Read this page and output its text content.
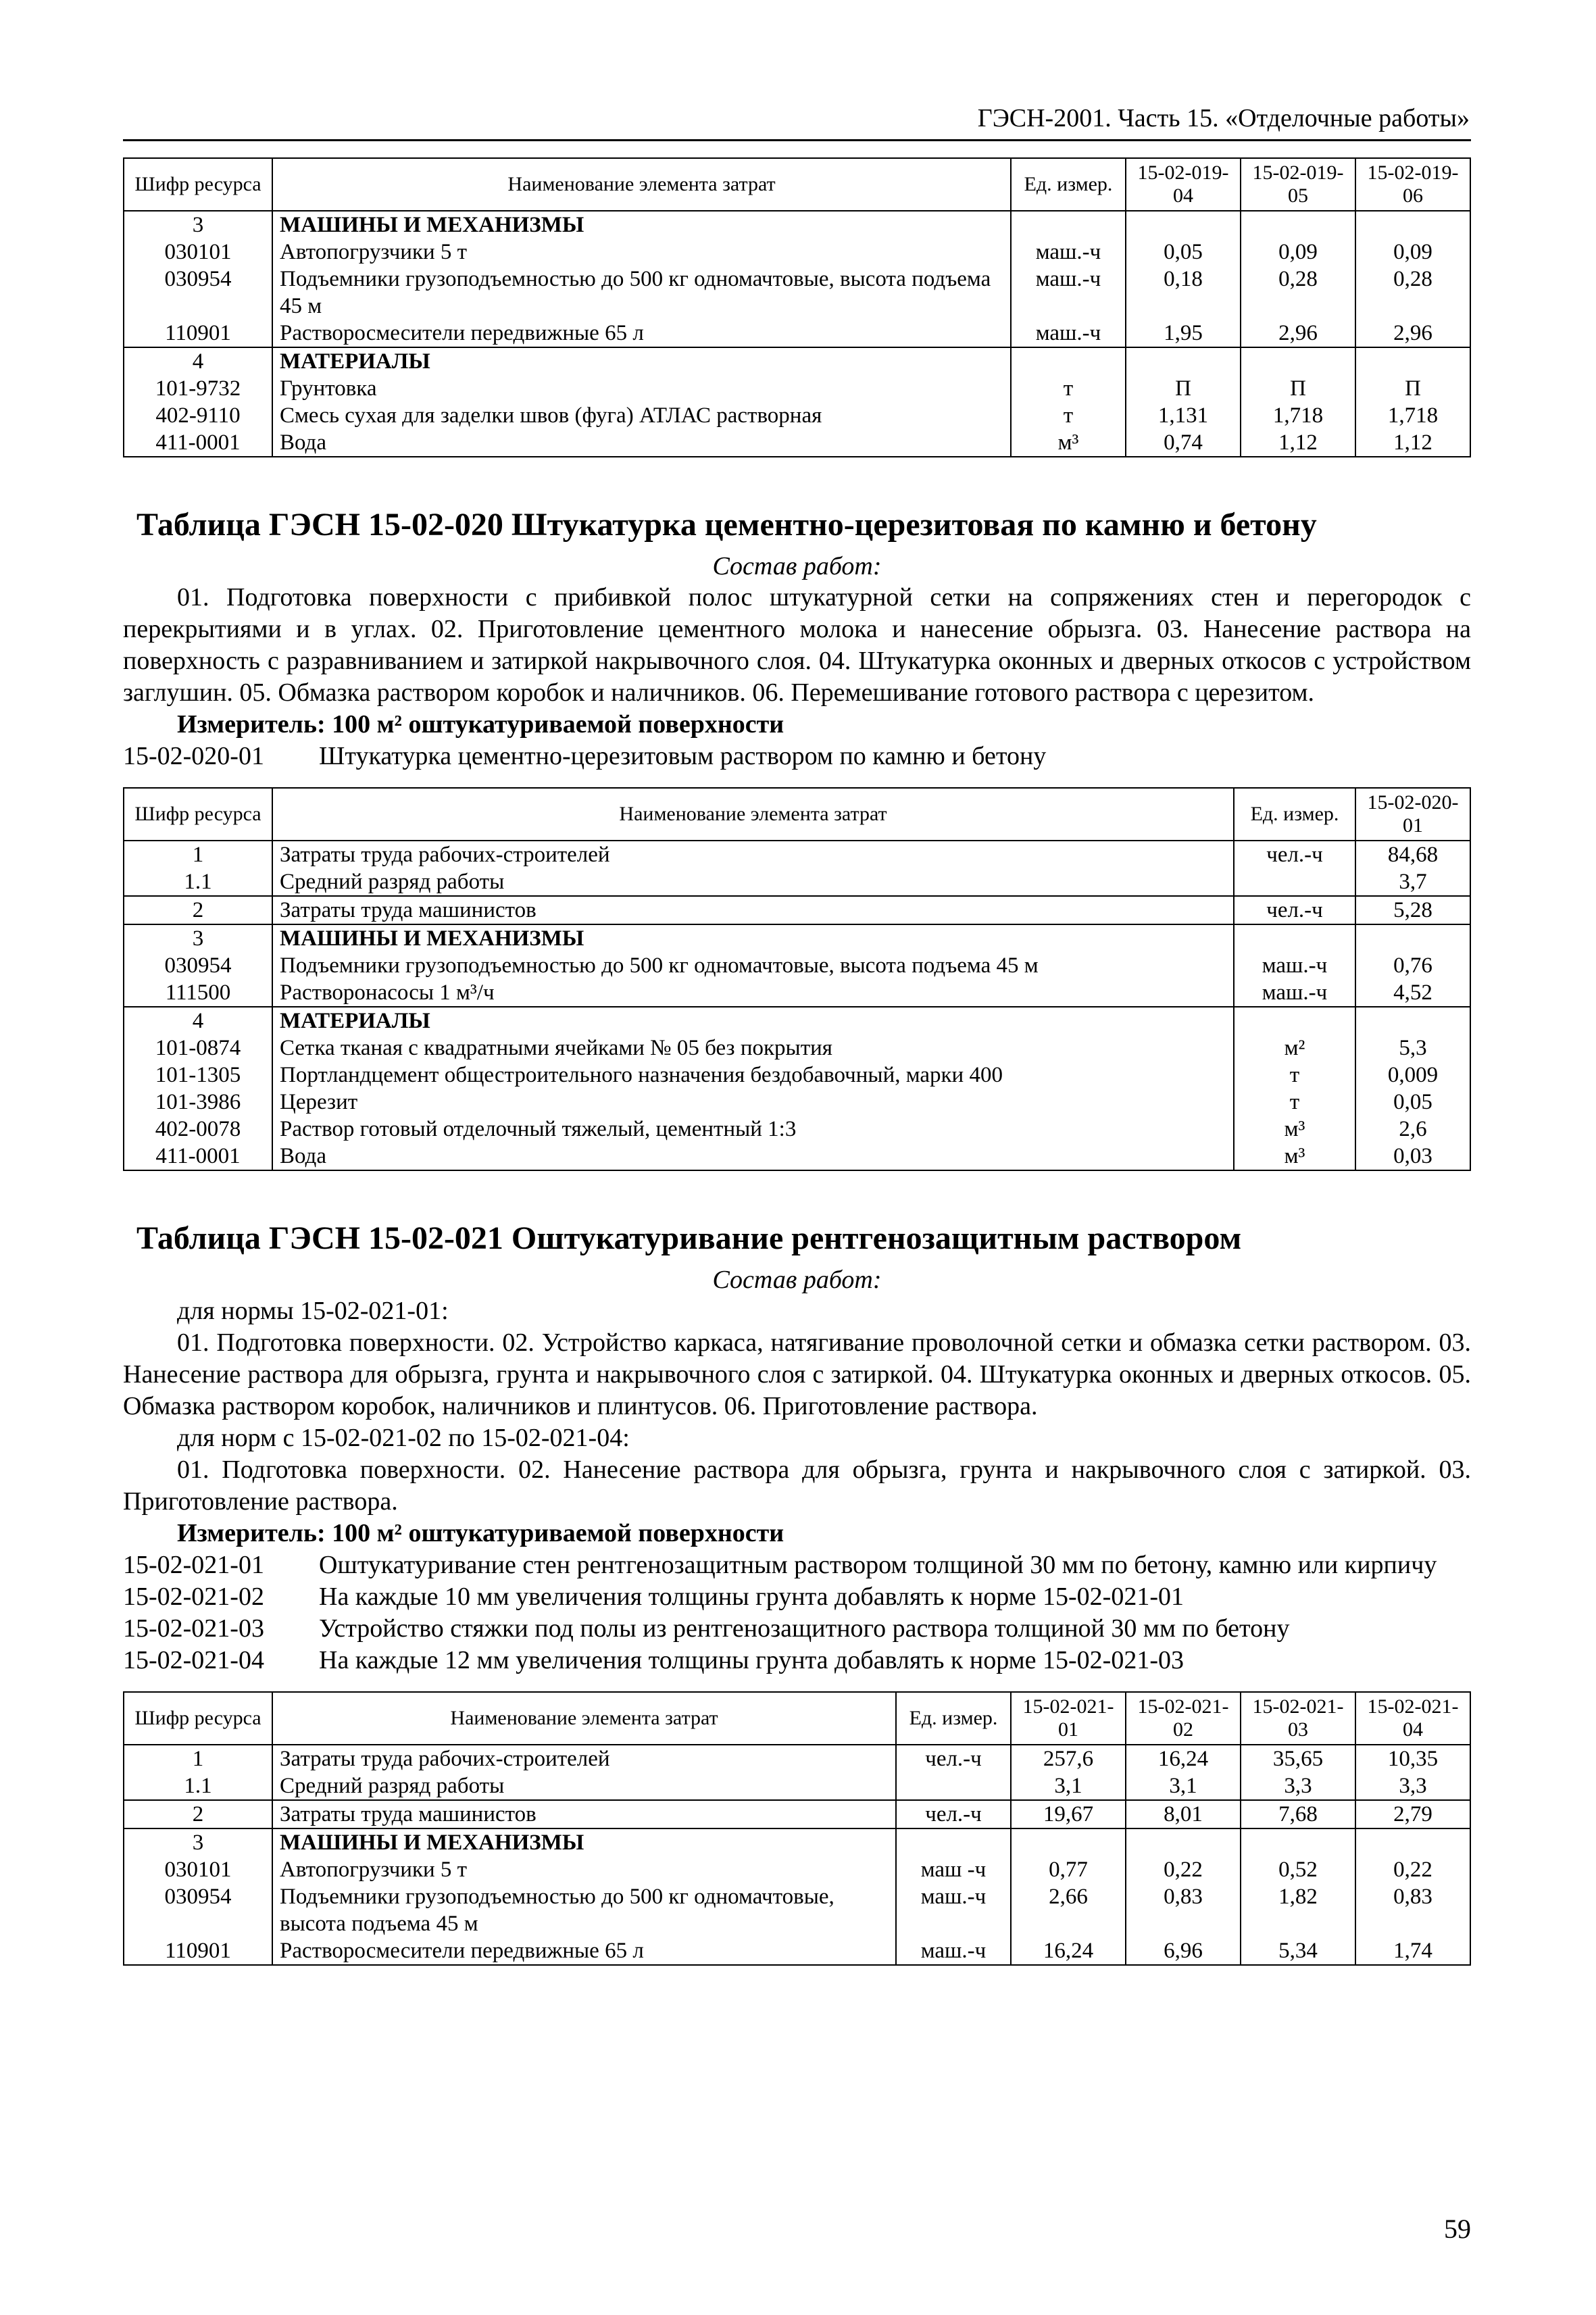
ГЭСН-2001. Часть 15. «Отделочные работы»
Шифр ресурса	Наименование элемента затрат	Ед. измер.	15-02-019-04	15-02-019-05	15-02-019-06
3	МАШИНЫ И МЕХАНИЗМЫ				
030101	Автопогрузчики 5 т	маш.-ч	0,05	0,09	0,09
030954	Подъемники грузоподъемностью до 500 кг одномачтовые, высота подъема 45 м	маш.-ч	0,18	0,28	0,28
110901	Растворосмесители передвижные 65 л	маш.-ч	1,95	2,96	2,96
4	МАТЕРИАЛЫ				
101-9732	Грунтовка	т	П	П	П
402-9110	Смесь сухая для заделки швов (фуга) АТЛАС растворная	т	1,131	1,718	1,718
411-0001	Вода	м³	0,74	1,12	1,12
Таблица ГЭСН 15-02-020 Штукатурка цементно-церезитовая по камню и бетону
Состав работ:
01. Подготовка поверхности с прибивкой полос штукатурной сетки на сопряжениях стен и перегородок с перекрытиями и в углах. 02. Приготовление цементного молока и нанесение обрызга. 03. Нанесение раствора на поверхность с разравниванием и затиркой накрывочного слоя. 04. Штукатурка оконных и дверных откосов с устройством заглушин. 05. Обмазка раствором коробок и наличников. 06. Перемешивание готового раствора с церезитом.
Измеритель: 100 м² оштукатуриваемой поверхности
15-02-020-01	Штукатурка цементно-церезитовым раствором по камню и бетону
Шифр ресурса	Наименование элемента затрат	Ед. измер.	15-02-020-01
1	Затраты труда рабочих-строителей	чел.-ч	84,68
1.1	Средний разряд работы		3,7
2	Затраты труда машинистов	чел.-ч	5,28
3	МАШИНЫ И МЕХАНИЗМЫ		
030954	Подъемники грузоподъемностью до 500 кг одномачтовые, высота подъема 45 м	маш.-ч	0,76
111500	Растворонасосы 1 м³/ч	маш.-ч	4,52
4	МАТЕРИАЛЫ		
101-0874	Сетка тканая с квадратными ячейками № 05 без покрытия	м²	5,3
101-1305	Портландцемент общестроительного назначения бездобавочный, марки 400	т	0,009
101-3986	Церезит	т	0,05
402-0078	Раствор готовый отделочный тяжелый, цементный 1:3	м³	2,6
411-0001	Вода	м³	0,03
Таблица ГЭСН 15-02-021 Оштукатуривание рентгенозащитным раствором
Состав работ:
для нормы 15-02-021-01:
01. Подготовка поверхности. 02. Устройство каркаса, натягивание проволочной сетки и обмазка сетки раствором. 03. Нанесение раствора для обрызга, грунта и накрывочного слоя с затиркой. 04. Штукатурка оконных и дверных откосов. 05. Обмазка раствором коробок, наличников и плинтусов. 06. Приготовление раствора.
для норм с 15-02-021-02 по 15-02-021-04:
01. Подготовка поверхности. 02. Нанесение раствора для обрызга, грунта и накрывочного слоя с затиркой. 03. Приготовление раствора.
Измеритель: 100 м² оштукатуриваемой поверхности
15-02-021-01	Оштукатуривание стен рентгенозащитным раствором толщиной 30 мм по бетону, камню или кирпичу
15-02-021-02	На каждые 10 мм увеличения толщины грунта добавлять к норме 15-02-021-01
15-02-021-03	Устройство стяжки под полы из рентгенозащитного раствора толщиной 30 мм по бетону
15-02-021-04	На каждые 12 мм увеличения толщины грунта добавлять к норме 15-02-021-03
Шифр ресурса	Наименование элемента затрат	Ед. измер.	15-02-021-01	15-02-021-02	15-02-021-03	15-02-021-04
1	Затраты труда рабочих-строителей	чел.-ч	257,6	16,24	35,65	10,35
1.1	Средний разряд работы		3,1	3,1	3,3	3,3
2	Затраты труда машинистов	чел.-ч	19,67	8,01	7,68	2,79
3	МАШИНЫ И МЕХАНИЗМЫ					
030101	Автопогрузчики 5 т	маш -ч	0,77	0,22	0,52	0,22
030954	Подъемники грузоподъемностью до 500 кг одномачтовые, высота подъема 45 м	маш.-ч	2,66	0,83	1,82	0,83
110901	Растворосмесители передвижные 65 л	маш.-ч	16,24	6,96	5,34	1,74
59
